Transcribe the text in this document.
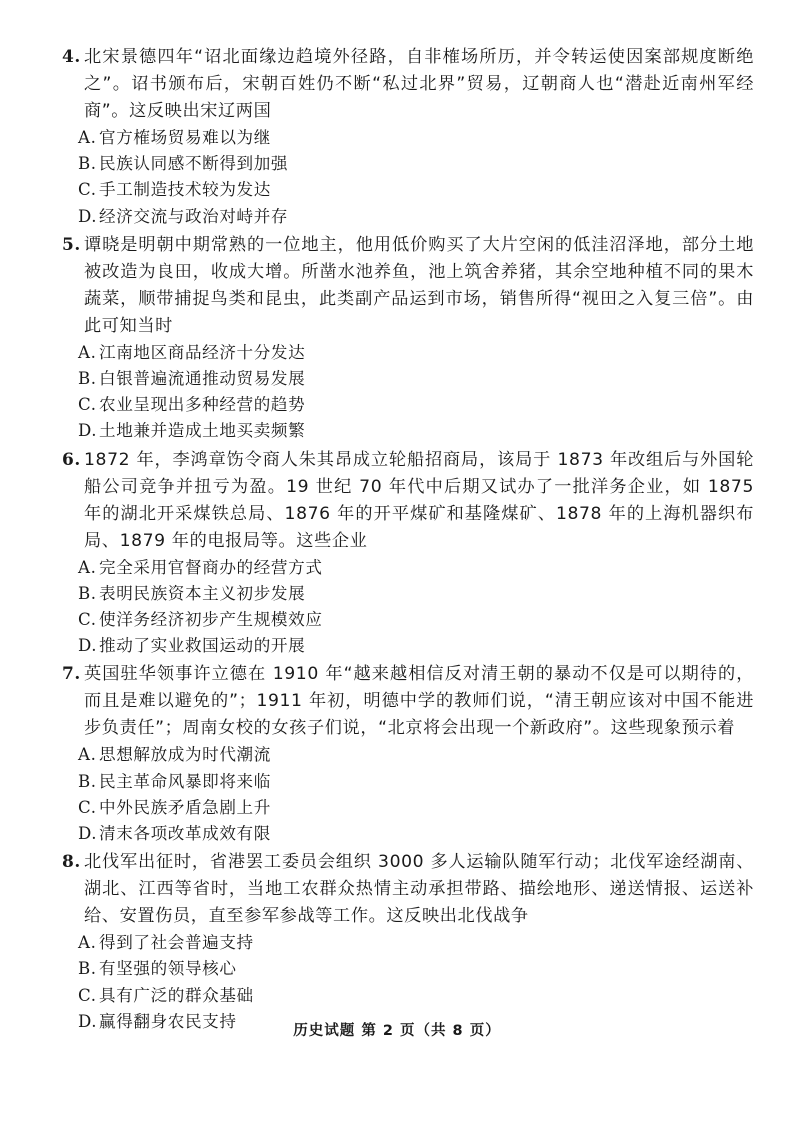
4. 北宋景德四年“诏北面缘边趋境外径路，自非榷场所历，并令转运使因案部规度断绝之”。诏书颁布后，宋朝百姓仍不断“私过北界”贸易，辽朝商人也“潜赴近南州军经商”。这反映出宋辽两国
A. 官方榷场贸易难以为继
B. 民族认同感不断得到加强
C. 手工制造技术较为发达
D. 经济交流与政治对峙并存
5. 谭晓是明朝中期常熟的一位地主，他用低价购买了大片空闲的低洼沼泽地，部分土地被改造为良田，收成大增。所凿水池养鱼，池上筑舍养猪，其余空地种植不同的果木蔬菜，顺带捕捉鸟类和昆虫，此类副产品运到市场，销售所得“视田之入复三倍”。由此可知当时
A. 江南地区商品经济十分发达
B. 白银普遍流通推动贸易发展
C. 农业呈现出多种经营的趋势
D. 土地兼并造成土地买卖频繁
6. 1872 年，李鸿章饬令商人朱其昂成立轮船招商局，该局于 1873 年改组后与外国轮船公司竞争并扭亏为盈。19 世纪 70 年代中后期又试办了一批洋务企业，如 1875 年的湖北开采煤铁总局、1876 年的开平煤矿和基隆煤矿、1878 年的上海机器织布局、1879 年的电报局等。这些企业
A. 完全采用官督商办的经营方式
B. 表明民族资本主义初步发展
C. 使洋务经济初步产生规模效应
D. 推动了实业救国运动的开展
7. 英国驻华领事许立德在 1910 年“越来越相信反对清王朝的暴动不仅是可以期待的，而且是难以避免的”；1911 年初，明德中学的教师们说，“清王朝应该对中国不能进步负责任”；周南女校的女孩子们说，“北京将会出现一个新政府”。这些现象预示着
A. 思想解放成为时代潮流
B. 民主革命风暴即将来临
C. 中外民族矛盾急剧上升
D. 清末各项改革成效有限
8. 北伐军出征时，省港罢工委员会组织 3000 多人运输队随军行动；北伐军途经湖南、湖北、江西等省时，当地工农群众热情主动承担带路、描绘地形、递送情报、运送补给、安置伤员，直至参军参战等工作。这反映出北伐战争
A. 得到了社会普遍支持
B. 有坚强的领导核心
C. 具有广泛的群众基础
D. 赢得翻身农民支持
历史试题 第 2 页（共 8 页）
